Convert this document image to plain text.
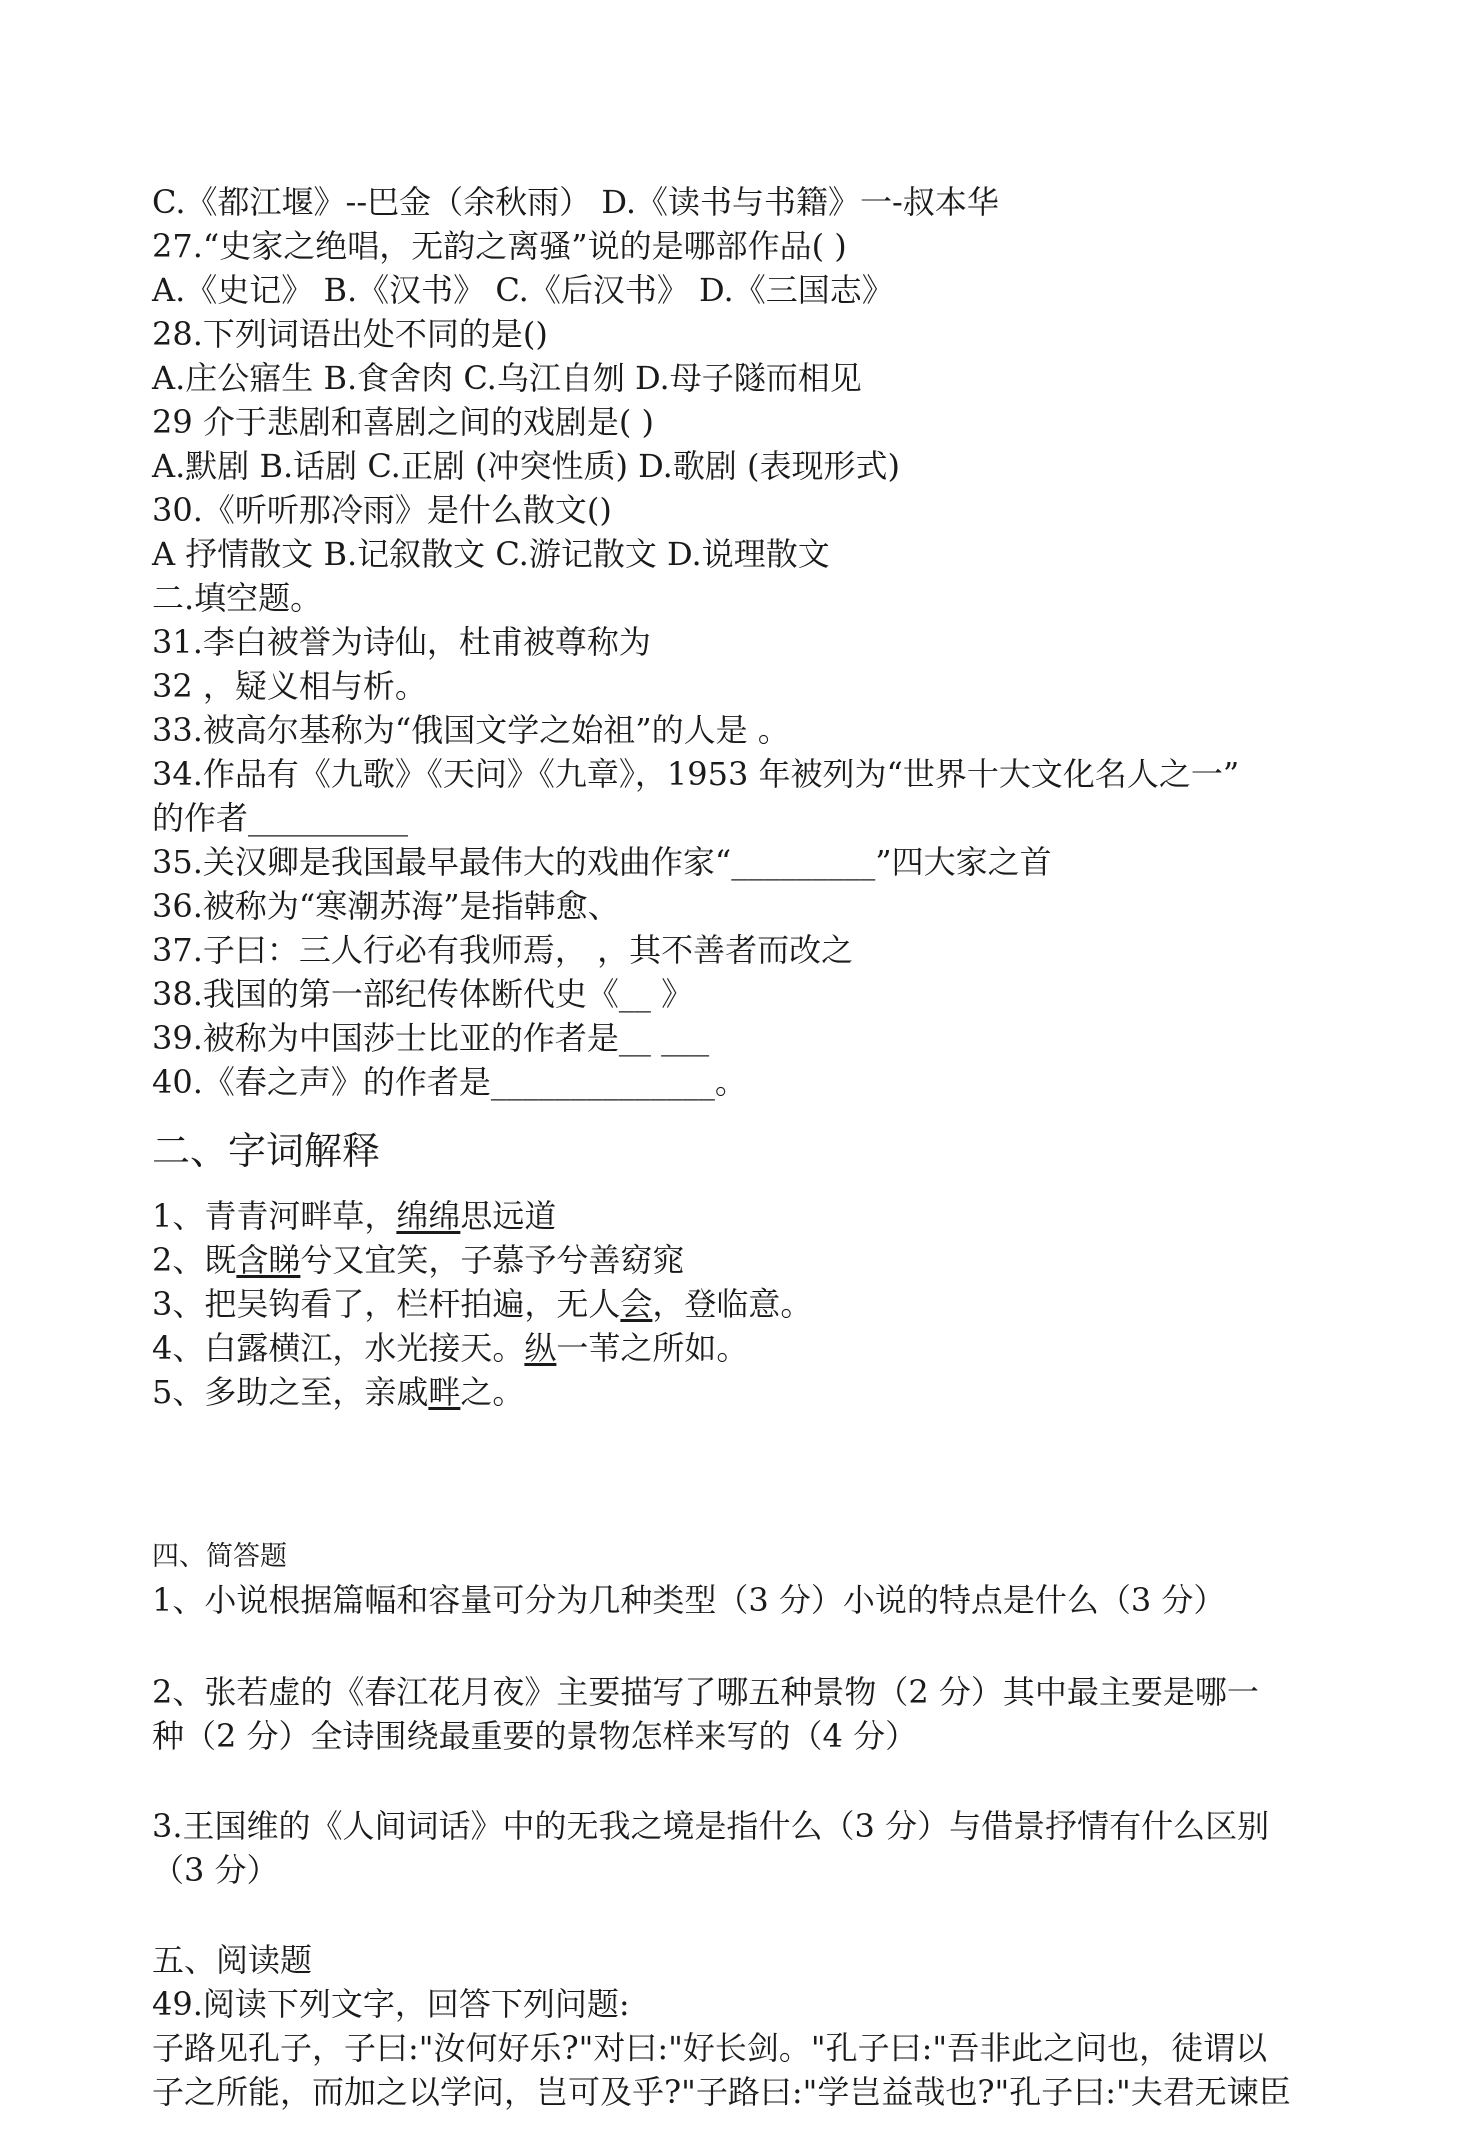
C.《都江堰》--巴金（余秋雨） D.《读书与书籍》一-叔本华
27.“史家之绝唱，无韵之离骚”说的是哪部作品( )
A.《史记》 B.《汉书》 C.《后汉书》 D.《三国志》
28.下列词语出处不同的是()
A.庄公寤生 B.食舍肉 C.乌江自刎 D.母子隧而相见
29 介于悲剧和喜剧之间的戏剧是( )
A.默剧 B.话剧 C.正剧 (冲突性质) D.歌剧 (表现形式)
30.《听听那冷雨》是什么散文()
A 抒情散文 B.记叙散文 C.游记散文 D.说理散文
二.填空题。
31.李白被誉为诗仙，杜甫被尊称为
32 ，疑义相与析。
33.被高尔基称为“俄国文学之始祖”的人是 。
34.作品有《九歌》《天问》《九章》，1953 年被列为“世界十大文化名人之一”
的作者__________
35.关汉卿是我国最早最伟大的戏曲作家“_________”四大家之首
36.被称为“寒潮苏海”是指韩愈、
37.子曰：三人行必有我师焉， ，其不善者而改之
38.我国的第一部纪传体断代史《__ 》
39.被称为中国莎士比亚的作者是__ ___
40.《春之声》的作者是______________。
二、字词解释
1、青青河畔草，绵绵思远道
2、既含睇兮又宜笑，子慕予兮善窈窕
3、把吴钩看了，栏杆拍遍，无人会，登临意。
4、白露横江，水光接天。纵一苇之所如。
5、多助之至，亲戚畔之。
四、简答题
1、小说根据篇幅和容量可分为几种类型（3 分）小说的特点是什么（3 分）
2、张若虚的《春江花月夜》主要描写了哪五种景物（2 分）其中最主要是哪一
种（2 分）全诗围绕最重要的景物怎样来写的（4 分）
3.王国维的《人间词话》中的无我之境是指什么（3 分）与借景抒情有什么区别
（3 分）
五、阅读题
49.阅读下列文字，回答下列问题:
子路见孔子，子曰:"汝何好乐?"对曰:"好长剑。"孔子曰:"吾非此之问也，徒谓以
子之所能，而加之以学问，岂可及乎?"子路曰:"学岂益哉也?"孔子曰:"夫君无谏臣
